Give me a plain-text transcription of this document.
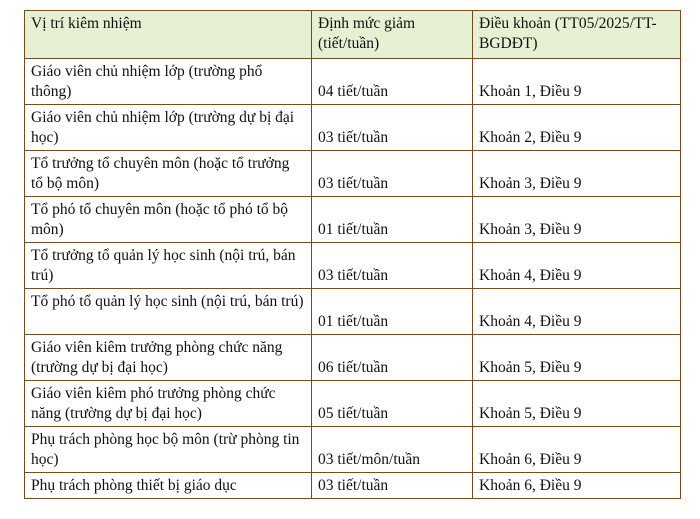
Vị trí kiêm nhiệm	Định mức giảm (tiết/tuần)	Điều khoản (TT05/2025/TT-BGDĐT)
Giáo viên chủ nhiệm lớp (trường phổ thông)	04 tiết/tuần	Khoản 1, Điều 9
Giáo viên chủ nhiệm lớp (trường dự bị đại học)	03 tiết/tuần	Khoản 2, Điều 9
Tổ trưởng tổ chuyên môn (hoặc tổ trưởng tổ bộ môn)	03 tiết/tuần	Khoản 3, Điều 9
Tổ phó tổ chuyên môn (hoặc tổ phó tổ bộ môn)	01 tiết/tuần	Khoản 3, Điều 9
Tổ trưởng tổ quản lý học sinh (nội trú, bán trú)	03 tiết/tuần	Khoản 4, Điều 9
Tổ phó tổ quản lý học sinh (nội trú, bán trú)	01 tiết/tuần	Khoản 4, Điều 9
Giáo viên kiêm trưởng phòng chức năng (trường dự bị đại học)	06 tiết/tuần	Khoản 5, Điều 9
Giáo viên kiêm phó trưởng phòng chức năng (trường dự bị đại học)	05 tiết/tuần	Khoản 5, Điều 9
Phụ trách phòng học bộ môn (trừ phòng tin học)	03 tiết/môn/tuần	Khoản 6, Điều 9
Phụ trách phòng thiết bị giáo dục	03 tiết/tuần	Khoản 6, Điều 9
